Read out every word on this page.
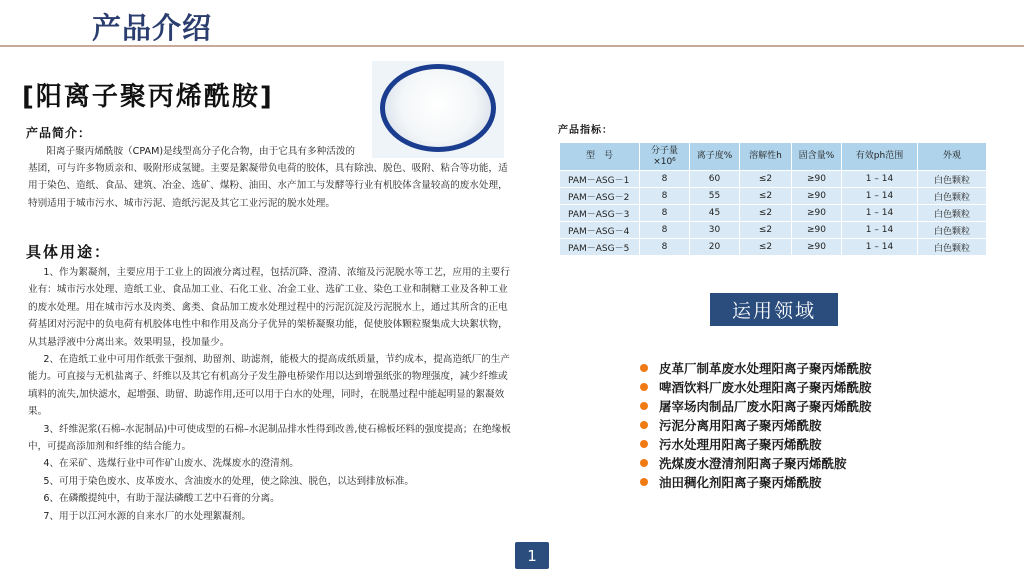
产品介绍
[阳离子聚丙烯酰胺]
产品简介：
阳离子聚丙烯酰胺（CPAM)是线型高分子化合物，由于它具有多种活泼的
基团，可与许多物质亲和、吸附形成氢键。主要是絮凝带负电荷的胶体，具有除浊、脱色、吸附、粘合等功能，适用于染色、造纸、食品、建筑、冶金、选矿、煤粉、油田、水产加工与发酵等行业有机胶体含量较高的废水处理，特别适用于城市污水、城市污泥、造纸污泥及其它工业污泥的脱水处理。
具体用途：
1、作为絮凝剂，主要应用于工业上的固液分离过程，包括沉降、澄清、浓缩及污泥脱水等工艺，应用的主要行业有：城市污水处理、造纸工业、食品加工业、石化工业、冶金工业、选矿工业、染色工业和制糖工业及各种工业的废水处理。用在城市污水及肉类、禽类、食品加工废水处理过程中的污泥沉淀及污泥脱水上，通过其所含的正电荷基团对污泥中的负电荷有机胶体电性中和作用及高分子优异的架桥凝聚功能，促使胶体颗粒聚集成大块絮状物，从其悬浮液中分离出来。效果明显，投加量少。
2、在造纸工业中可用作纸张干强剂、助留剂、助滤剂，能极大的提高成纸质量，节约成本，提高造纸厂的生产能力。可直接与无机盐离子、纤维以及其它有机高分子发生静电桥梁作用以达到增强纸张的物理强度，减少纤维或填料的流失,加快滤水，起增强、助留、助滤作用,还可以用于白水的处理，同时，在脱墨过程中能起明显的絮凝效果。
3、纤维泥浆(石棉–水泥制品)中可使成型的石棉–水泥制品排水性得到改善,使石棉板坯料的强度提高；在绝缘板中，可提高添加剂和纤维的结合能力。
4、在采矿、选煤行业中可作矿山废水、洗煤废水的澄清剂。
5、可用于染色废水、皮革废水、含油废水的处理，使之除浊、脱色，以达到排放标准。
6、在磷酸提纯中，有助于湿法磷酸工艺中石膏的分离。
7、用于以江河水源的自来水厂的水处理絮凝剂。
产品指标：
型　号	分子量×10⁶	离子度%	溶解性h	固含量%	有效ph范围	外观
PAM－ASG－1	8	60	≤2	≥90	1 – 14	白色颗粒
PAM－ASG－2	8	55	≤2	≥90	1 – 14	白色颗粒
PAM－ASG－3	8	45	≤2	≥90	1 – 14	白色颗粒
PAM－ASG－4	8	30	≤2	≥90	1 – 14	白色颗粒
PAM－ASG－5	8	20	≤2	≥90	1 – 14	白色颗粒
运用领域
皮革厂制革废水处理阳离子聚丙烯酰胺
啤酒饮料厂废水处理阳离子聚丙烯酰胺
屠宰场肉制品厂废水阳离子聚丙烯酰胺
污泥分离用阳离子聚丙烯酰胺
污水处理用阳离子聚丙烯酰胺
洗煤废水澄清剂阳离子聚丙烯酰胺
油田稠化剂阳离子聚丙烯酰胺
1
